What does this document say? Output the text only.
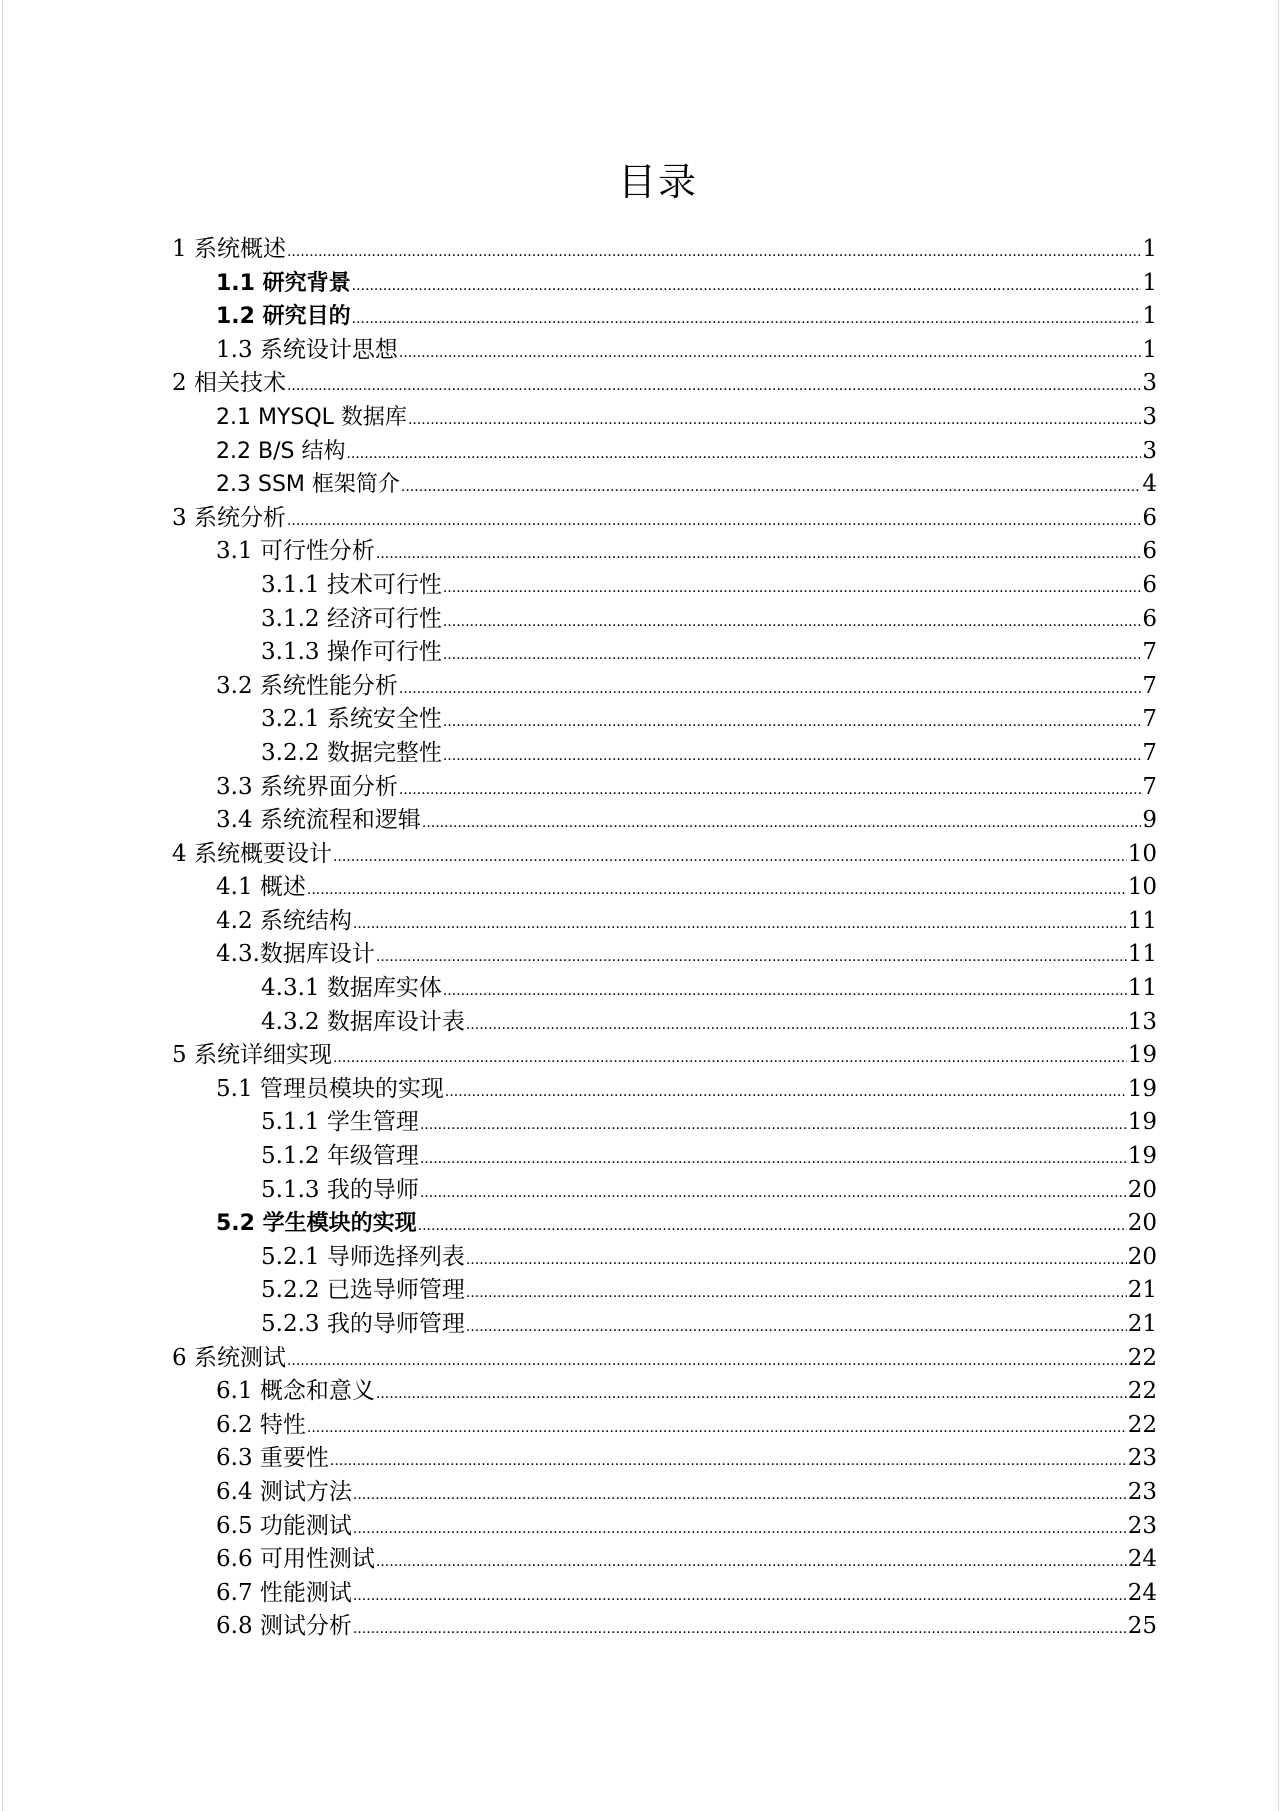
目录
1 系统概述 .....	1
1.1 研究背景 .....	1
1.2 研究目的 .....	1
1.3 系统设计思想 .....	1
2 相关技术 .....	3
2.1 MYSQL 数据库 .....	3
2.2 B/S 结构 .....	3
2.3 SSM 框架简介 .....	4
3 系统分析 .....	6
3.1 可行性分析 .....	6
3.1.1 技术可行性 .....	6
3.1.2 经济可行性 .....	6
3.1.3 操作可行性 .....	7
3.2 系统性能分析 .....	7
3.2.1 系统安全性 .....	7
3.2.2 数据完整性 .....	7
3.3 系统界面分析 .....	7
3.4 系统流程和逻辑 .....	9
4 系统概要设计 .....	10
4.1 概述 .....	10
4.2 系统结构 .....	11
4.3.数据库设计 .....	11
4.3.1 数据库实体 .....	11
4.3.2 数据库设计表 .....	13
5 系统详细实现 .....	19
5.1 管理员模块的实现 .....	19
5.1.1 学生管理 .....	19
5.1.2 年级管理 .....	19
5.1.3 我的导师 .....	20
5.2 学生模块的实现 .....	20
5.2.1 导师选择列表 .....	20
5.2.2 已选导师管理 .....	21
5.2.3 我的导师管理 .....	21
6 系统测试 .....	22
6.1 概念和意义 .....	22
6.2 特性 .....	22
6.3 重要性 .....	23
6.4 测试方法 .....	23
6.5 功能测试 .....	23
6.6 可用性测试 .....	24
6.7 性能测试 .....	24
6.8 测试分析 .....	25
